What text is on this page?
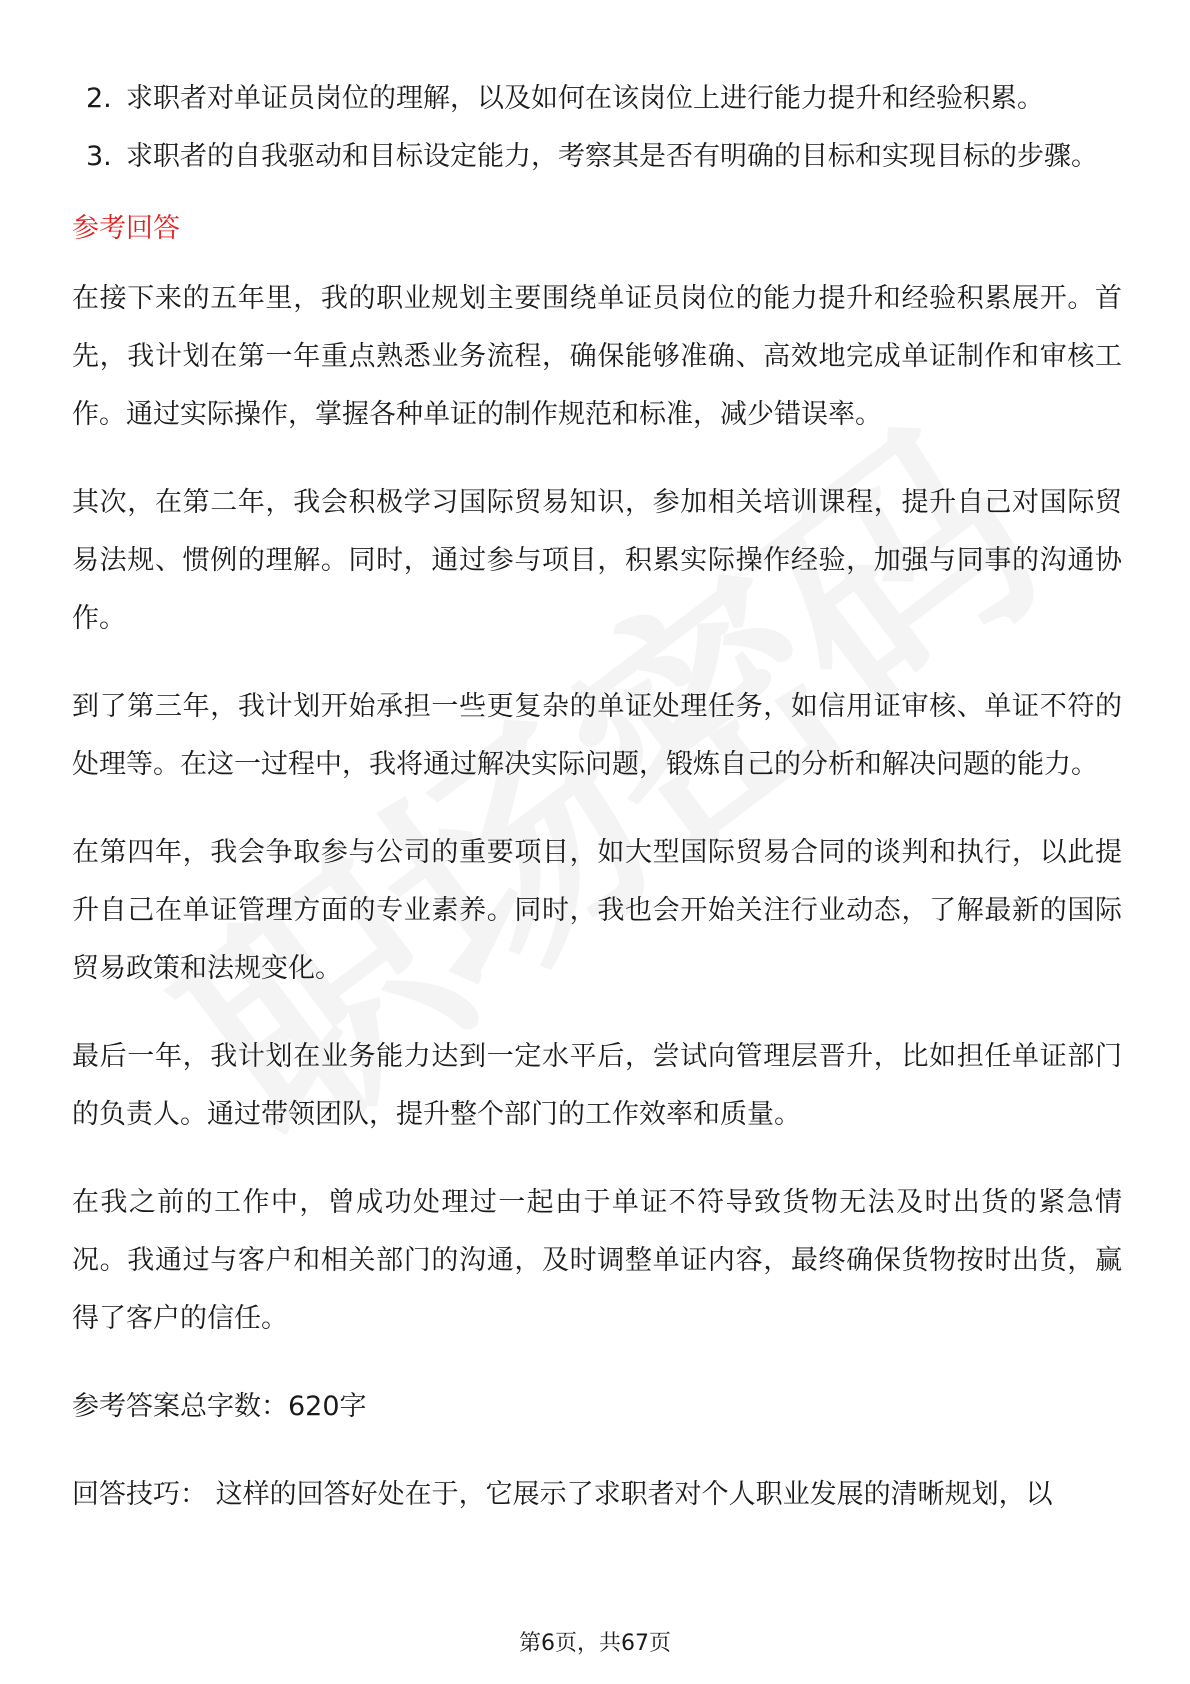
2. 求职者对单证员岗位的理解，以及如何在该岗位上进行能力提升和经验积累。
3. 求职者的自我驱动和目标设定能力，考察其是否有明确的目标和实现目标的步骤。
参考回答

在接下来的五年里，我的职业规划主要围绕单证员岗位的能力提升和经验积累展开。首先，我计划在第一年重点熟悉业务流程，确保能够准确、高效地完成单证制作和审核工作。通过实际操作，掌握各种单证的制作规范和标准，减少错误率。

其次，在第二年，我会积极学习国际贸易知识，参加相关培训课程，提升自己对国际贸易法规、惯例的理解。同时，通过参与项目，积累实际操作经验，加强与同事的沟通协作。

到了第三年，我计划开始承担一些更复杂的单证处理任务，如信用证审核、单证不符的处理等。在这一过程中，我将通过解决实际问题，锻炼自己的分析和解决问题的能力。

在第四年，我会争取参与公司的重要项目，如大型国际贸易合同的谈判和执行，以此提升自己在单证管理方面的专业素养。同时，我也会开始关注行业动态，了解最新的国际贸易政策和法规变化。

最后一年，我计划在业务能力达到一定水平后，尝试向管理层晋升，比如担任单证部门的负责人。通过带领团队，提升整个部门的工作效率和质量。

在我之前的工作中，曾成功处理过一起由于单证不符导致货物无法及时出货的紧急情况。我通过与客户和相关部门的沟通，及时调整单证内容，最终确保货物按时出货，赢得了客户的信任。

参考答案总字数：620字
回答技巧： 这样的回答好处在于，它展示了求职者对个人职业发展的清晰规划，以
第6页，共67页
